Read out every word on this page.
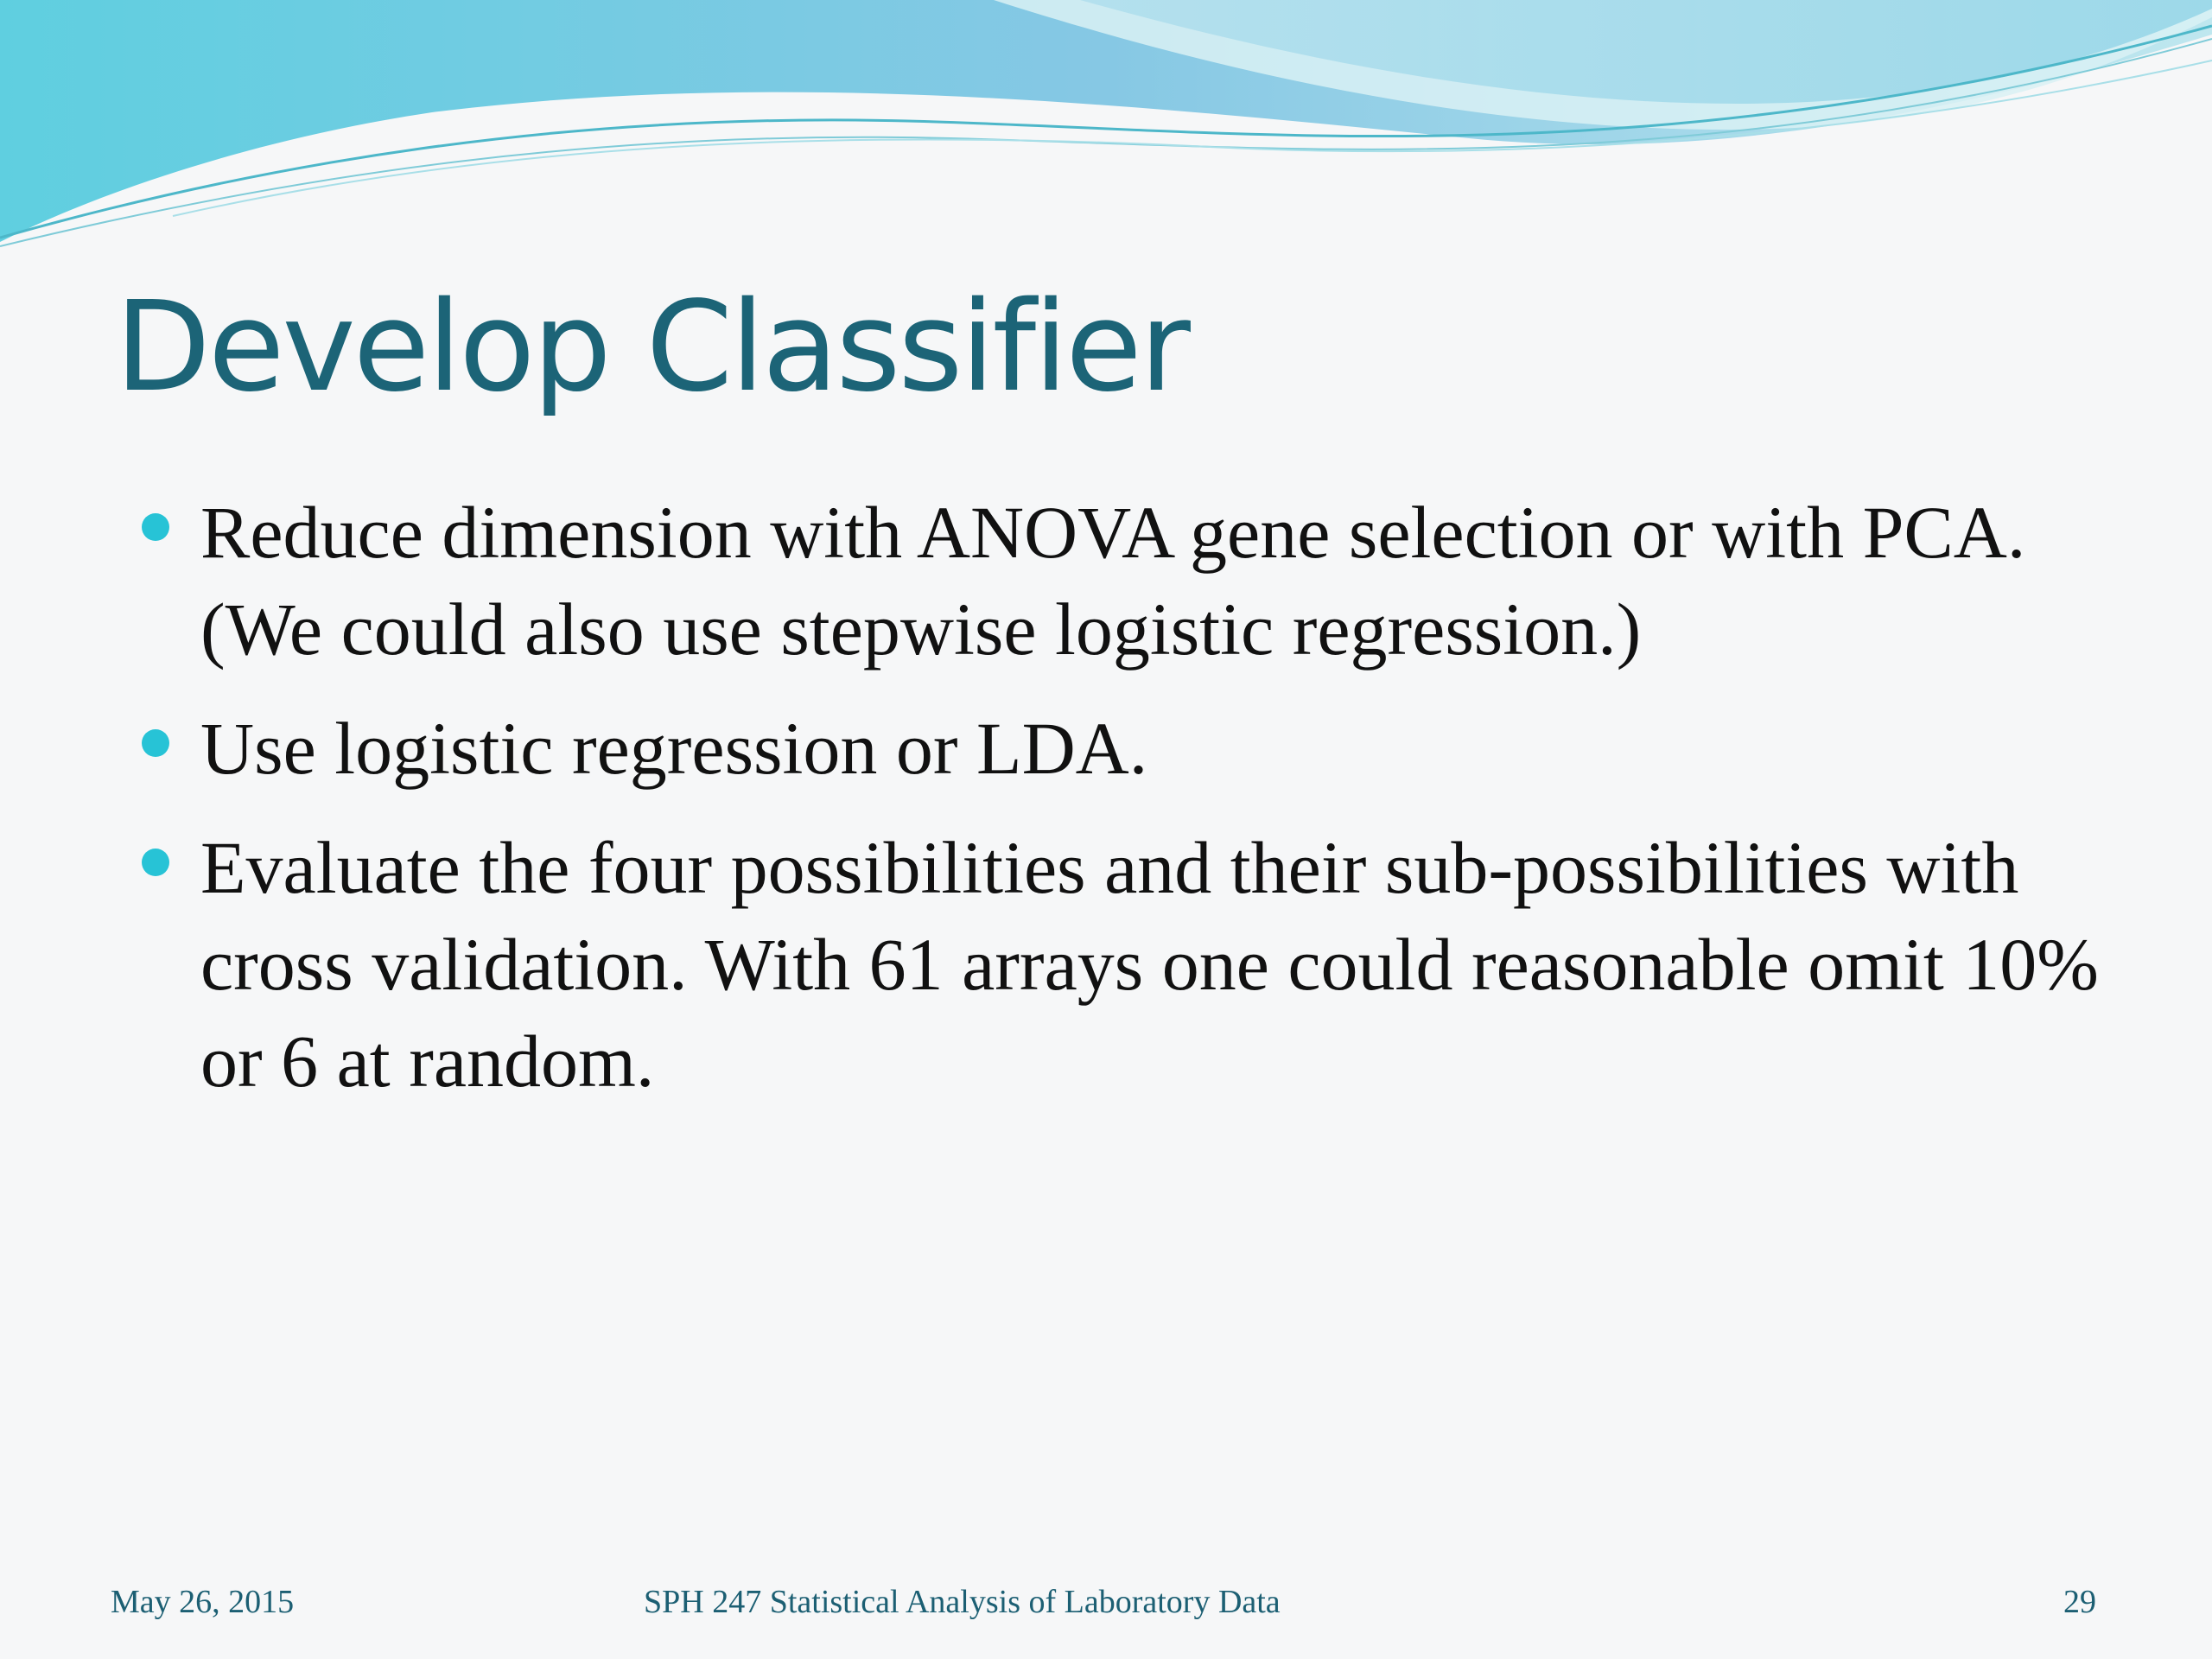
Develop Classifier
Reduce dimension with ANOVA gene selection or with PCA. (We could also use stepwise logistic regression.)
Use logistic regression or LDA.
Evaluate the four possibilities and their sub-possibilities with cross validation. With 61 arrays one could reasonable omit 10% or 6 at random.
May 26, 2015	SPH 247 Statistical Analysis of Laboratory Data	29
